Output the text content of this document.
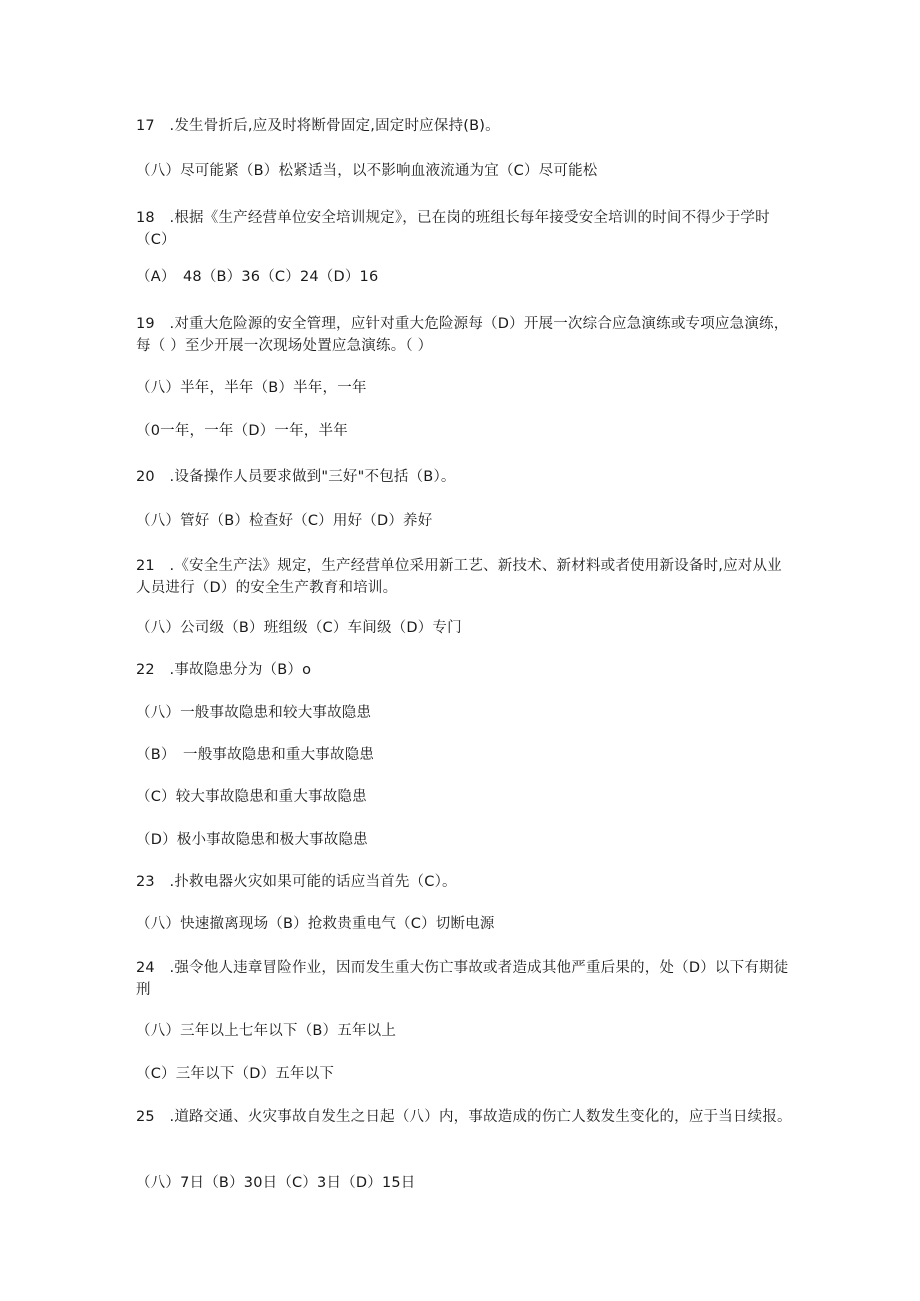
17　.发生骨折后,应及时将断骨固定,固定时应保持(B)。
（八）尽可能紧（B）松紧适当，以不影响血液流通为宜（C）尽可能松
18　.根据《生产经营单位安全培训规定》，已在岗的班组长每年接受安全培训的时间不得少于学时（C）
（A）　48（B）36（C）24（D）16
19　.对重大危险源的安全管理，应针对重大危险源每（D）开展一次综合应急演练或专项应急演练，每（ ）至少开展一次现场处置应急演练。（ ）
（八）半年，半年（B）半年，一年
（0一年，一年（D）一年，半年
20　.设备操作人员要求做到"三好"不包括（B）。
（八）管好（B）检查好（C）用好（D）养好
21　.《安全生产法》规定，生产经营单位采用新工艺、新技术、新材料或者使用新设备时,应对从业人员进行（D）的安全生产教育和培训。
（八）公司级（B）班组级（C）车间级（D）专门
22　.事故隐患分为（B）o
（八）一般事故隐患和较大事故隐患
（B）　一般事故隐患和重大事故隐患
（C）较大事故隐患和重大事故隐患
（D）极小事故隐患和极大事故隐患
23　.扑救电器火灾如果可能的话应当首先（C）。
（八）快速撤离现场（B）抢救贵重电气（C）切断电源
24　.强令他人违章冒险作业，因而发生重大伤亡事故或者造成其他严重后果的，处（D）以下有期徒刑
（八）三年以上七年以下（B）五年以上
（C）三年以下（D）五年以下
25　.道路交通、火灾事故自发生之日起（八）内，事故造成的伤亡人数发生变化的，应于当日续报。
（八）7日（B）30日（C）3日（D）15日
